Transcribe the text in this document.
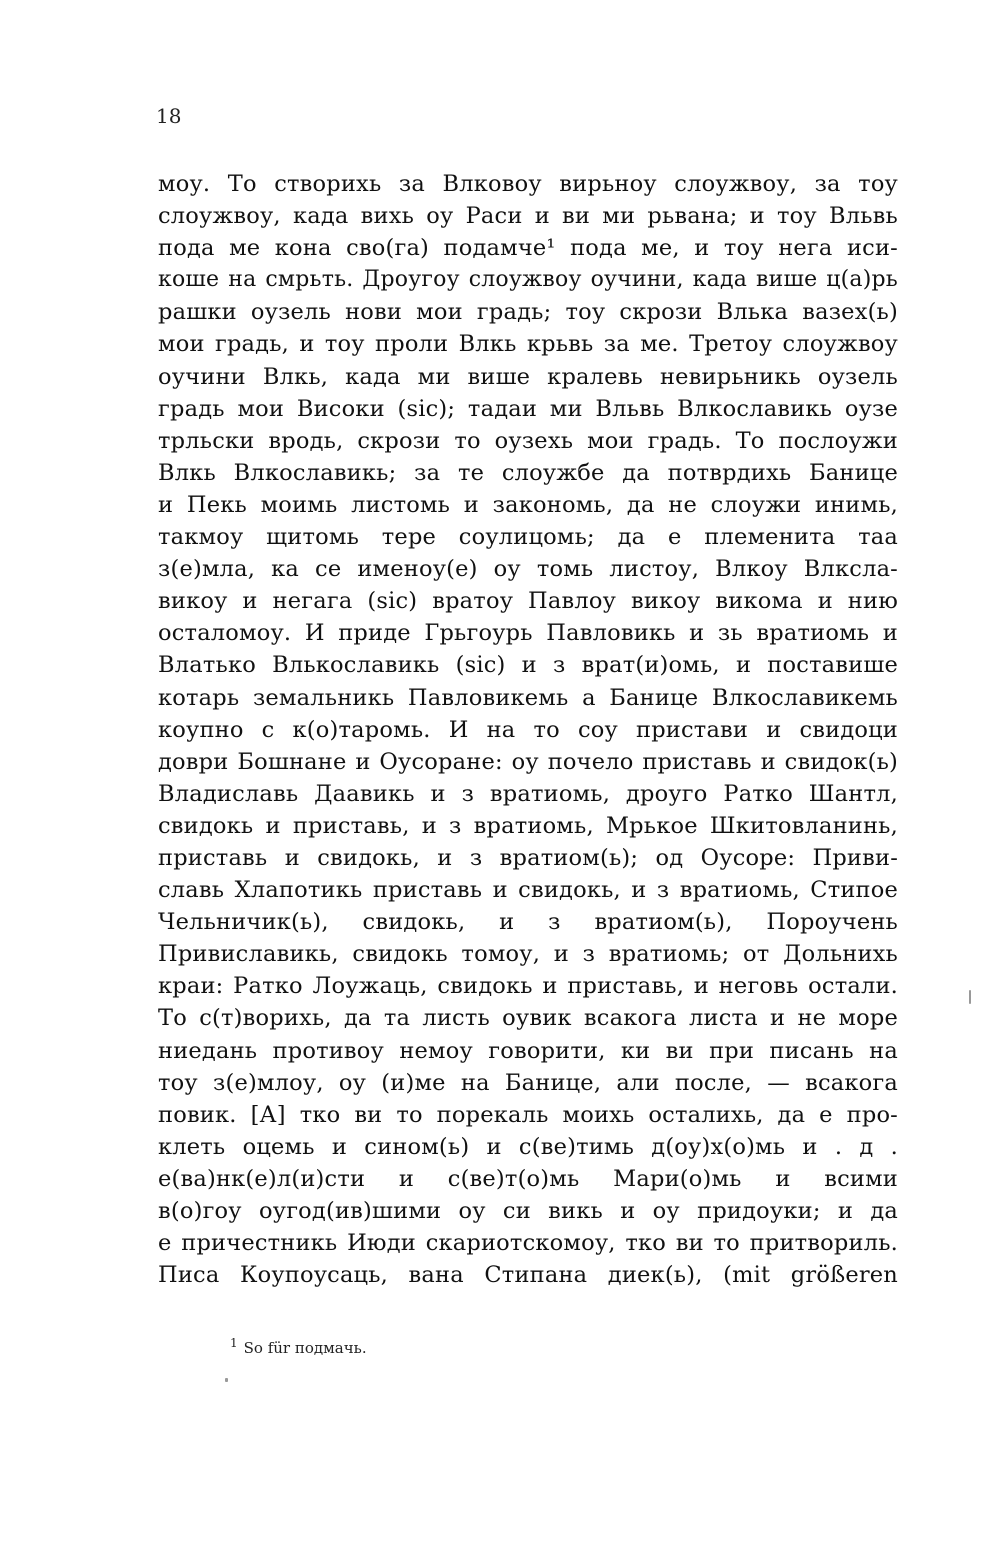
18
моу. То створихь за Влковоу вирьноу слоужвоу, за тоу
слоужвоу, када вихь оу Раси и ви ми рьвана; и тоу Вльвь
пода ме кона сво(га) подамче¹ пода ме, и тоу нега иси-
коше на смрьть. Дроугоу слоужвоу оучини, када више ц(а)рь
рашки оузель нови мои градь; тоу скрози Влька вазех(ь)
мои градь, и тоу проли Влкь крьвь за ме. Третоу слоужвоу
оучини Влкь, када ми више кралевь невирьникь оузель
градь мои Високи (sic); тадаи ми Вльвь Влкославикь оузе
трльски вродь, скрози то оузехь мои градь. То послоужи
Влкь Влкославикь; за те слоужбе да потврдихь Банице
и Пекь моимь листомь и закономь, да не слоужи инимь,
такмоу щитомь тере соулицомь; да е племенита таа
з(е)мла, ка се именоу(е) оу томь листоу, Влкоу Влксла-
викоу и негага (sic) вратоу Павлоу викоу викома и нию
осталомоу. И приде Грьгоурь Павловикь и зь вратиомь и
Влатько Влькославикь (sic) и з врат(и)омь, и поставише
котарь земальникь Павловикемь а Банице Влкославикемь
коупно с к(о)таромь. И на то соу пристави и свидоци
доври Бошнане и Оусоране: оу почело приставь и свидок(ь)
Владиславь Даавикь и з вратиомь, дроуго Ратко Шантл,
свидокь и приставь, и з вратиомь, Мрькое Шкитовланинь,
приставь и свидокь, и з вратиом(ь); од Оусоре: Приви-
славь Хлапотикь приставь и свидокь, и з вратиомь, Стипое
Чельничик(ь), свидокь, и з вратиом(ь), Пороучень
Привиславикь, свидокь томоу, и з вратиомь; от Дольнихь
краи: Ратко Лоужаць, свидокь и приставь, и неговь остали.
То с(т)ворихь, да та листь оувик всакога листа и не море
ниедань противоу немоу говорити, ки ви при писань на
тоу з(е)млоу, оу (и)ме на Банице, али после, — всакога
повик. [А] тко ви то порекаль моихь осталихь, да е про-
клеть оцемь и сином(ь) и с(ве)тимь д(оу)х(о)мь и . д .
е(ва)нк(е)л(и)сти и с(ве)т(о)мь Мари(о)мь и всими
в(о)гоу оугод(ив)шими оу си викь и оу придоуки; и да
е причестникь Июди скариотскомоу, тко ви то притвориль.
Писа Коупоусаць, вана Стипана диек(ь), (mit größeren
$^1$ So für подмачь.
